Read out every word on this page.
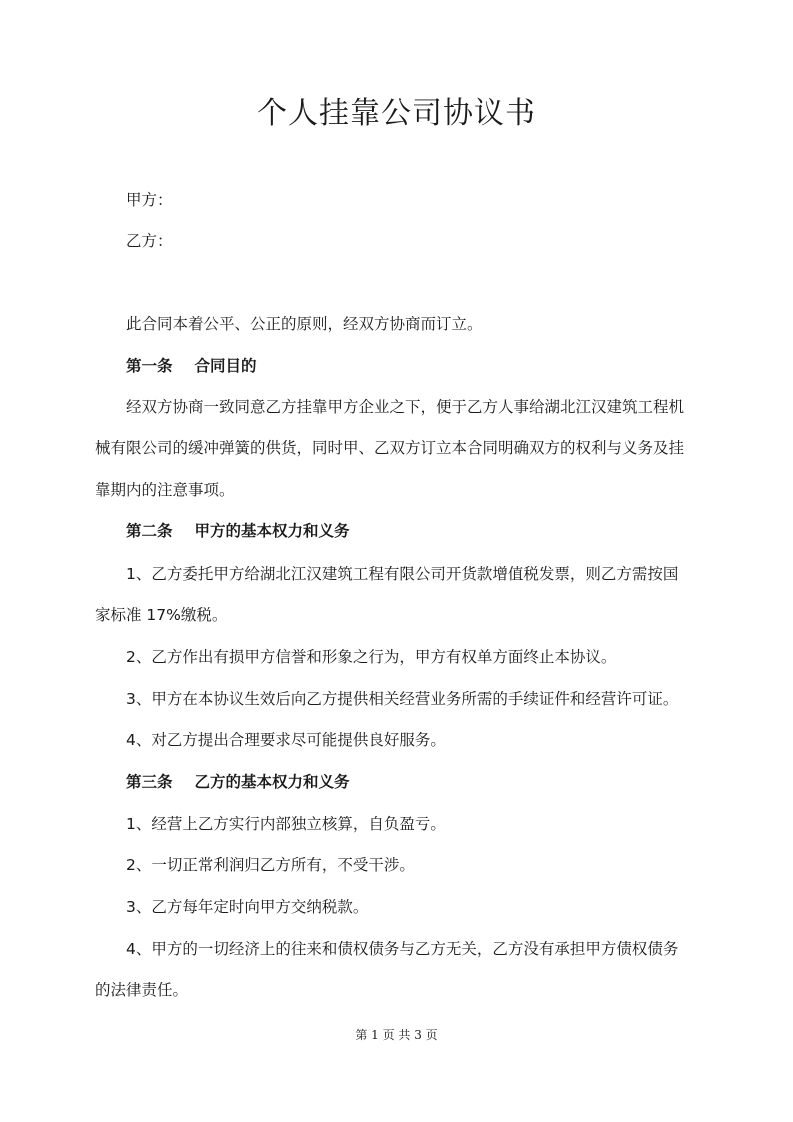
个人挂靠公司协议书

甲方：

乙方：

此合同本着公平、公正的原则，经双方协商而订立。

第一条 合同目的

经双方协商一致同意乙方挂靠甲方企业之下，便于乙方人事给湖北江汉建筑工程机

械有限公司的缓冲弹簧的供货，同时甲、乙双方订立本合同明确双方的权利与义务及挂

靠期内的注意事项。

第二条 甲方的基本权力和义务

1、乙方委托甲方给湖北江汉建筑工程有限公司开货款增值税发票，则乙方需按国

家标准 17%缴税。

2、乙方作出有损甲方信誉和形象之行为，甲方有权单方面终止本协议。

3、甲方在本协议生效后向乙方提供相关经营业务所需的手续证件和经营许可证。

4、对乙方提出合理要求尽可能提供良好服务。

第三条 乙方的基本权力和义务

1、经营上乙方实行内部独立核算，自负盈亏。

2、一切正常利润归乙方所有，不受干涉。

3、乙方每年定时向甲方交纳税款。

4、甲方的一切经济上的往来和债权债务与乙方无关，乙方没有承担甲方债权债务

的法律责任。

第 1 页 共 3 页
